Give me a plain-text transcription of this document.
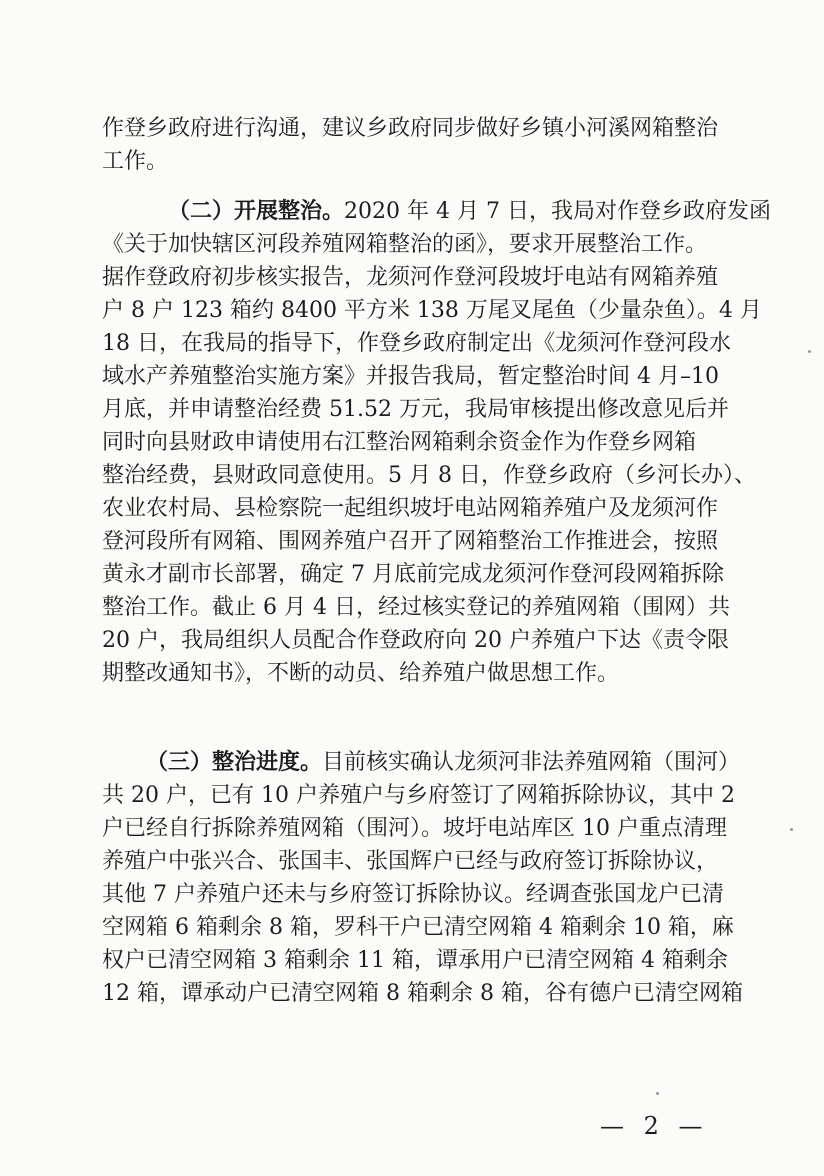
作登乡政府进行沟通，建议乡政府同步做好乡镇小河溪网箱整治
工作。
（二）开展整治。2020 年 4 月 7 日，我局对作登乡政府发函
《关于加快辖区河段养殖网箱整治的函》，要求开展整治工作。
据作登政府初步核实报告，龙须河作登河段坡圩电站有网箱养殖
户 8 户 123 箱约 8400 平方米 138 万尾叉尾鱼（少量杂鱼）。4 月
18 日，在我局的指导下，作登乡政府制定出《龙须河作登河段水
域水产养殖整治实施方案》并报告我局，暂定整治时间 4 月–10
月底，并申请整治经费 51.52 万元，我局审核提出修改意见后并
同时向县财政申请使用右江整治网箱剩余资金作为作登乡网箱
整治经费，县财政同意使用。5 月 8 日，作登乡政府（乡河长办）、
农业农村局、县检察院一起组织坡圩电站网箱养殖户及龙须河作
登河段所有网箱、围网养殖户召开了网箱整治工作推进会，按照
黄永才副市长部署，确定 7 月底前完成龙须河作登河段网箱拆除
整治工作。截止 6 月 4 日，经过核实登记的养殖网箱（围网）共
20 户，我局组织人员配合作登政府向 20 户养殖户下达《责令限
期整改通知书》，不断的动员、给养殖户做思想工作。
（三）整治进度。目前核实确认龙须河非法养殖网箱（围河）
共 20 户，已有 10 户养殖户与乡府签订了网箱拆除协议，其中 2
户已经自行拆除养殖网箱（围河）。坡圩电站库区 10 户重点清理
养殖户中张兴合、张国丰、张国辉户已经与政府签订拆除协议，
其他 7 户养殖户还未与乡府签订拆除协议。经调查张国龙户已清
空网箱 6 箱剩余 8 箱，罗科干户已清空网箱 4 箱剩余 10 箱，麻
权户已清空网箱 3 箱剩余 11 箱，谭承用户已清空网箱 4 箱剩余
12 箱，谭承动户已清空网箱 8 箱剩余 8 箱，谷有德户已清空网箱
— 2 —
